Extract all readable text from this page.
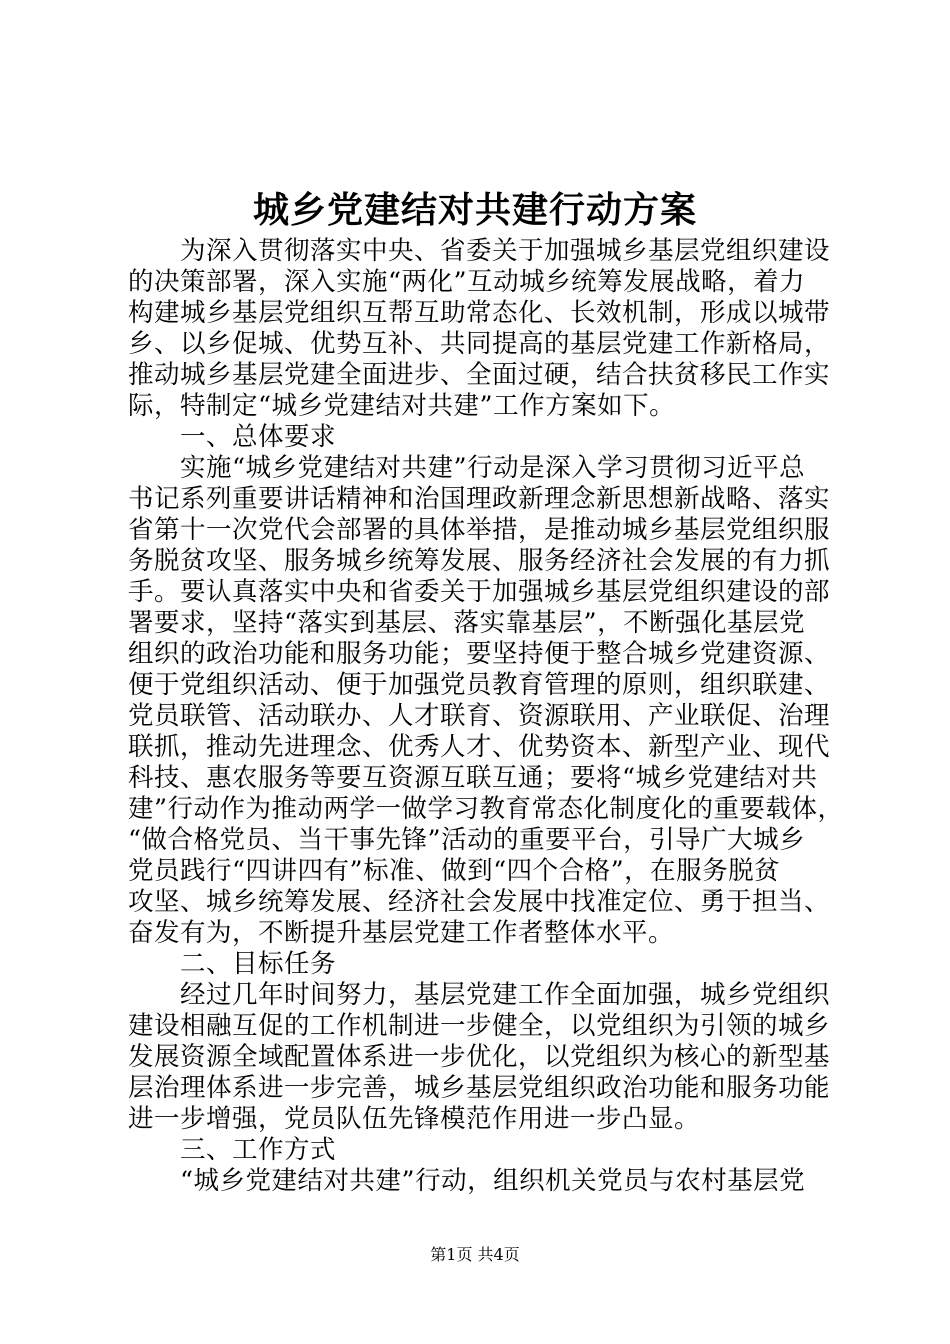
城乡党建结对共建行动方案
　　为深入贯彻落实中央、省委关于加强城乡基层党组织建设
的决策部署，深入实施“两化”互动城乡统筹发展战略，着力
构建城乡基层党组织互帮互助常态化、长效机制，形成以城带
乡、以乡促城、优势互补、共同提高的基层党建工作新格局，
推动城乡基层党建全面进步、全面过硬，结合扶贫移民工作实
际，特制定“城乡党建结对共建”工作方案如下。
　　一、总体要求
　　实施“城乡党建结对共建”行动是深入学习贯彻习近平总
书记系列重要讲话精神和治国理政新理念新思想新战略、落实
省第十一次党代会部署的具体举措，是推动城乡基层党组织服
务脱贫攻坚、服务城乡统筹发展、服务经济社会发展的有力抓
手。要认真落实中央和省委关于加强城乡基层党组织建设的部
署要求，坚持“落实到基层、落实靠基层”，不断强化基层党
组织的政治功能和服务功能；要坚持便于整合城乡党建资源、
便于党组织活动、便于加强党员教育管理的原则，组织联建、
党员联管、活动联办、人才联育、资源联用、产业联促、治理
联抓，推动先进理念、优秀人才、优势资本、新型产业、现代
科技、惠农服务等要互资源互联互通；要将“城乡党建结对共
建”行动作为推动两学一做学习教育常态化制度化的重要载体，
“做合格党员、当干事先锋”活动的重要平台，引导广大城乡
党员践行“四讲四有”标准、做到“四个合格”，在服务脱贫
攻坚、城乡统筹发展、经济社会发展中找准定位、勇于担当、
奋发有为，不断提升基层党建工作者整体水平。
　　二、目标任务
　　经过几年时间努力，基层党建工作全面加强，城乡党组织
建设相融互促的工作机制进一步健全，以党组织为引领的城乡
发展资源全域配置体系进一步优化，以党组织为核心的新型基
层治理体系进一步完善，城乡基层党组织政治功能和服务功能
进一步增强，党员队伍先锋模范作用进一步凸显。
　　三、工作方式
　　“城乡党建结对共建”行动，组织机关党员与农村基层党
第1页 共4页
